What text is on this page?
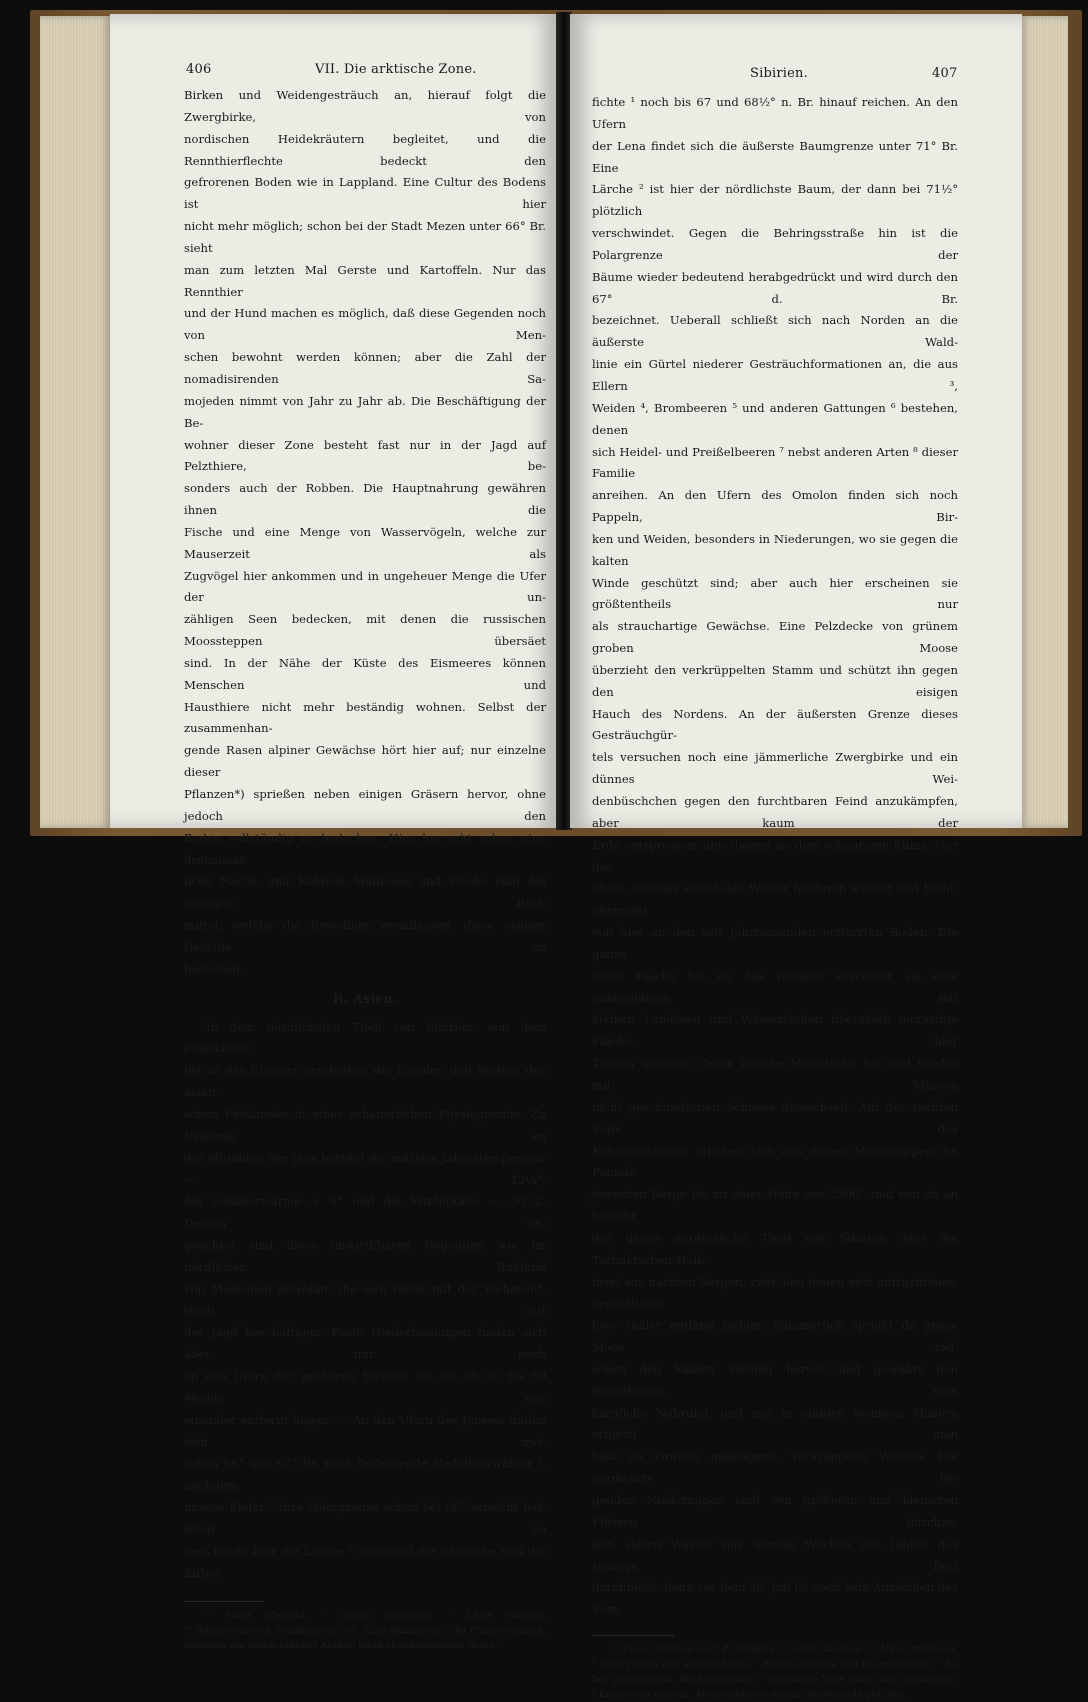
406	VII. Die arktische Zone.

Birken und Weidengesträuch an, hierauf folgt die Zwergbirke, von

nordischen Heidekräutern begleitet, und die Rennthierflechte bedeckt den

gefrorenen Boden wie in Lappland. Eine Cultur des Bodens ist hier

nicht mehr möglich; schon bei der Stadt Mezen unter 66° Br. sieht

man zum letzten Mal Gerste und Kartoffeln. Nur das Rennthier

und der Hund machen es möglich, daß diese Gegenden noch von Men-

schen bewohnt werden können; aber die Zahl der nomadisirenden Sa-

mojeden nimmt von Jahr zu Jahr ab. Die Beschäftigung der Be-

wohner dieser Zone besteht fast nur in der Jagd auf Pelzthiere, be-

sonders auch der Robben. Die Hauptnahrung gewähren ihnen die

Fische und eine Menge von Wasservögeln, welche zur Mauserzeit als

Zugvögel hier ankommen und in ungeheuer Menge die Ufer der un-

zähligen Seen bedecken, mit denen die russischen Moossteppen übersäet

sind. In der Nähe der Küste des Eismeeres können Menschen und

Hausthiere nicht mehr beständig wohnen. Selbst der zusammenhan-

gende Rasen alpiner Gewächse hört hier auf; nur einzelne dieser

Pflanzen*) sprießen neben einigen Gräsern hervor, ohne jedoch den

Boden vollständig zu bedecken. Hier herrscht schon eine dreimonat-

liche Nacht, und Robben, Wallrosse und Fische sind die einzigen Reiz-

mittel, welche die Bewohner veranlassen, diese eisigen Gestade zu

besuchen.

B. Asien.

In dem nördlichsten Theil von Sibirien, von dem Polarkreise

bis an das Eismeer erscheinen die Einöden und Wüsten des asiati-

schen Festlandes in einer schauerlichen Physiognomie. Zu Ustjansk an

der Mündung der Jana beträgt die mittlere Jahrestemperatur — 12¼°,

die Sommerwärme + 8° und die Winterkälte — 30°,2. Dessen un-

geachtet sind diese unwirthbaren Gegenden wie im nördlichen Rußland

von Menschen bewohnt, die sich theils mit der Viehzucht, theils mit

der Jagd beschäftigen. Feste Niederlassungen finden sich aber nur noch

an den Ufern der größeren Ströme, wo sie oft 40 bis 50 Meilen von

einander entfernt liegen. — An den Ufern des Jenesei finden sich zwi-

schen 66° und 67° Br. noch bedeutende Nadelholzwälder ¹, nachdem

unsere Kiefer ² ihre Polargrenze schon bei 66° erreicht hat. Eben so

weit reicht hier die Lärche ³, während die sibirische und die Zirbel-

¹ Pinus obovata. ² Pinus sylvestris. ³ Larix sibirica.

*) Ranunculaceen, Saxifrageen, etc. Eine Anzahl von 340 Phanerogamen,

darunter ein beträchtlicher Antheil nicht skandinavischer Arten.

Sibirien.	407

fichte ¹ noch bis 67 und 68½° n. Br. hinauf reichen. An den Ufern

der Lena findet sich die äußerste Baumgrenze unter 71° Br. Eine

Lärche ² ist hier der nördlichste Baum, der dann bei 71½° plötzlich

verschwindet. Gegen die Behringsstraße hin ist die Polargrenze der

Bäume wieder bedeutend herabgedrückt und wird durch den 67° d. Br.

bezeichnet. Ueberall schließt sich nach Norden an die äußerste Wald-

linie ein Gürtel niederer Gesträuchformationen an, die aus Ellern ³,

Weiden ⁴, Brombeeren ⁵ und anderen Gattungen ⁶ bestehen, denen

sich Heidel- und Preißelbeeren ⁷ nebst anderen Arten ⁸ dieser Familie

anreihen. An den Ufern des Omolon finden sich noch Pappeln, Bir-

ken und Weiden, besonders in Niederungen, wo sie gegen die kalten

Winde geschützt sind; aber auch hier erscheinen sie größtentheils nur

als strauchartige Gewächse. Eine Pelzdecke von grünem groben Moose

überzieht den verkrüppelten Stamm und schützt ihn gegen den eisigen

Hauch des Nordens. An der äußersten Grenze dieses Gesträuchgür-

tels versuchen noch eine jämmerliche Zwergbirke und ein dünnes Wei-

denbüschchen gegen den furchtbaren Feind anzukämpfen, aber kaum der

Erde entsprossen, unterliegen sie dem schaurigen Klima. Nur das

Moos, welches selbst den Winter hindurch wächst und blüht, überzieht

von hier an den seit Jahrtausenden erstarrten Boden. Die ganze

weite Fläche bis an das Eismeer erscheint als eine unabsehbare, mit

kleinen Landseen und Wasserlachen übersäete morastige Fläche, hier

Tundra genannt, deren bleiche Moosdecke hin und wieder mit Massen

nicht geschmolzenen Schnees abwechselt. Auf der rechten Seite des

Kolyma-Stromes erheben sich aus diesen Moossteppen die Pantele-

jewschen Berge bis zu einer Höhe von 2500', und von da an besteht

der ganze nordöstliche Theil von Sibirien oder die Tschuktschen-Halb-

insel aus nackten Bergen, zwischen denen sich unfruchtbare, vegetations-

lose Thäler entlang ziehen. Kümmerlich sprießt da graue Moos zwi-

schen den kahlen Steinen hervor und gewährt den Rennthieren eine

kärgliche Nahrung, und nur in einigen wenigen Thälern erblickt man

halb zu Grunde gegangene, verkrüppelte Weiden. Die nordwärts lie-

genden Niederungen sind von größeren und kleineren Flüssen durchzo-

gen, deren Wasser nur wenige Wochen des Jahres das steinige Bett

durchfließt, denn vor dem 20. Juli ist noch kein Anzeichen des Som-

¹ Pinus sibirica und P. Cembra. ² Larix daurica. ³ Alnus fruticosa.

⁴ Salix retusa und andere Arten. ⁵ Rubus arcticus und chamaemorus. ⁶ Ri-

bes propinquum, Rosa acicularis. ⁷ Vaccinium Vitis Idaea und uliginosum.

⁸ Empetrum nigrum, Arctostaphylos alpina, Andromeda polifolia.
